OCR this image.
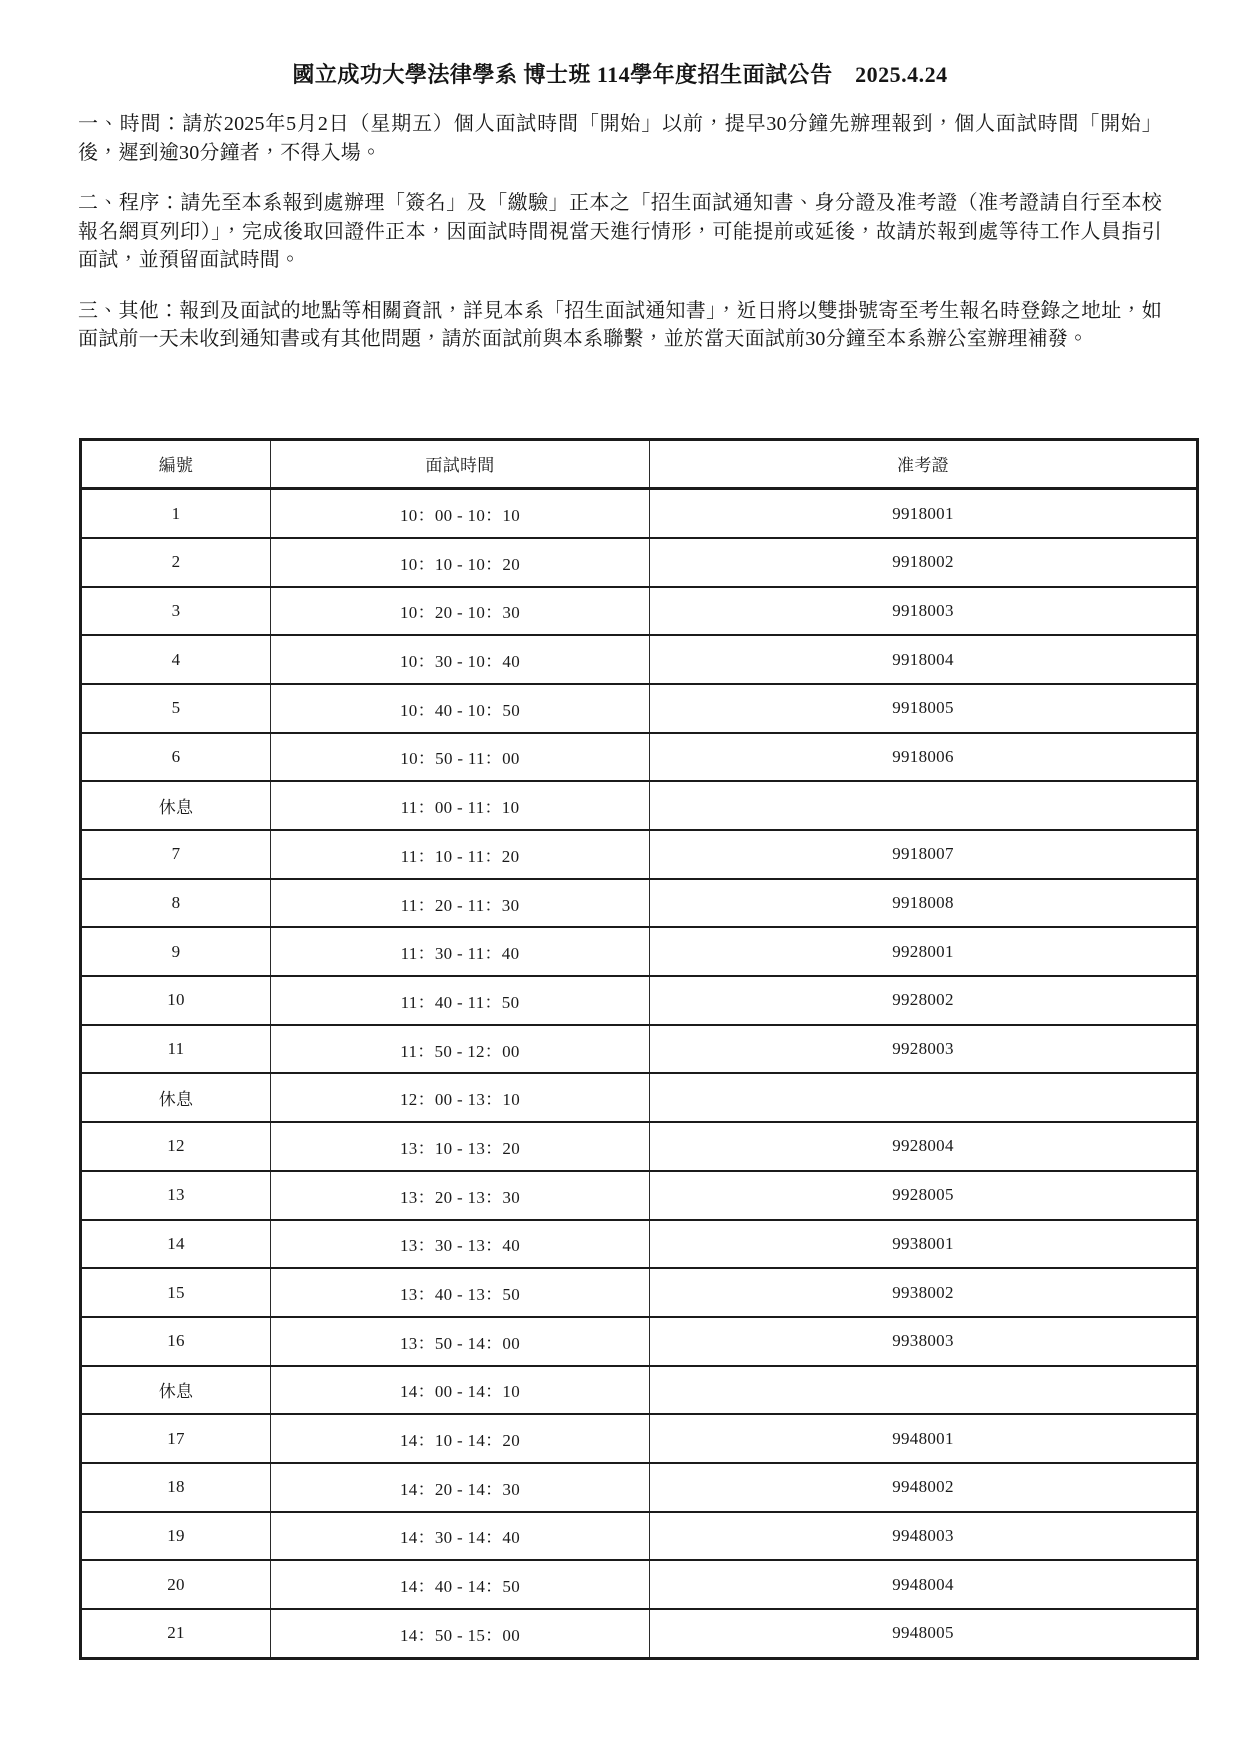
國立成功大學法律學系 博士班 114學年度招生面試公告　2025.4.24

一、時間：請於2025年5月2日（星期五）個人面試時間「開始」以前，提早30分鐘先辦理報到，個人面試時間「開始」後，遲到逾30分鐘者，不得入場。

二、程序：請先至本系報到處辦理「簽名」及「繳驗」正本之「招生面試通知書、身分證及准考證（准考證請自行至本校報名網頁列印）」，完成後取回證件正本，因面試時間視當天進行情形，可能提前或延後，故請於報到處等待工作人員指引面試，並預留面試時間。

三、其他：報到及面試的地點等相關資訊，詳見本系「招生面試通知書」，近日將以雙掛號寄至考生報名時登錄之地址，如面試前一天未收到通知書或有其他問題，請於面試前與本系聯繫，並於當天面試前30分鐘至本系辦公室辦理補發。

編號	面試時間	准考證
1	10：00 - 10：10	9918001
2	10：10 - 10：20	9918002
3	10：20 - 10：30	9918003
4	10：30 - 10：40	9918004
5	10：40 - 10：50	9918005
6	10：50 - 11：00	9918006
休息	11：00 - 11：10	
7	11：10 - 11：20	9918007
8	11：20 - 11：30	9918008
9	11：30 - 11：40	9928001
10	11：40 - 11：50	9928002
11	11：50 - 12：00	9928003
休息	12：00 - 13：10	
12	13：10 - 13：20	9928004
13	13：20 - 13：30	9928005
14	13：30 - 13：40	9938001
15	13：40 - 13：50	9938002
16	13：50 - 14：00	9938003
休息	14：00 - 14：10	
17	14：10 - 14：20	9948001
18	14：20 - 14：30	9948002
19	14：30 - 14：40	9948003
20	14：40 - 14：50	9948004
21	14：50 - 15：00	9948005
